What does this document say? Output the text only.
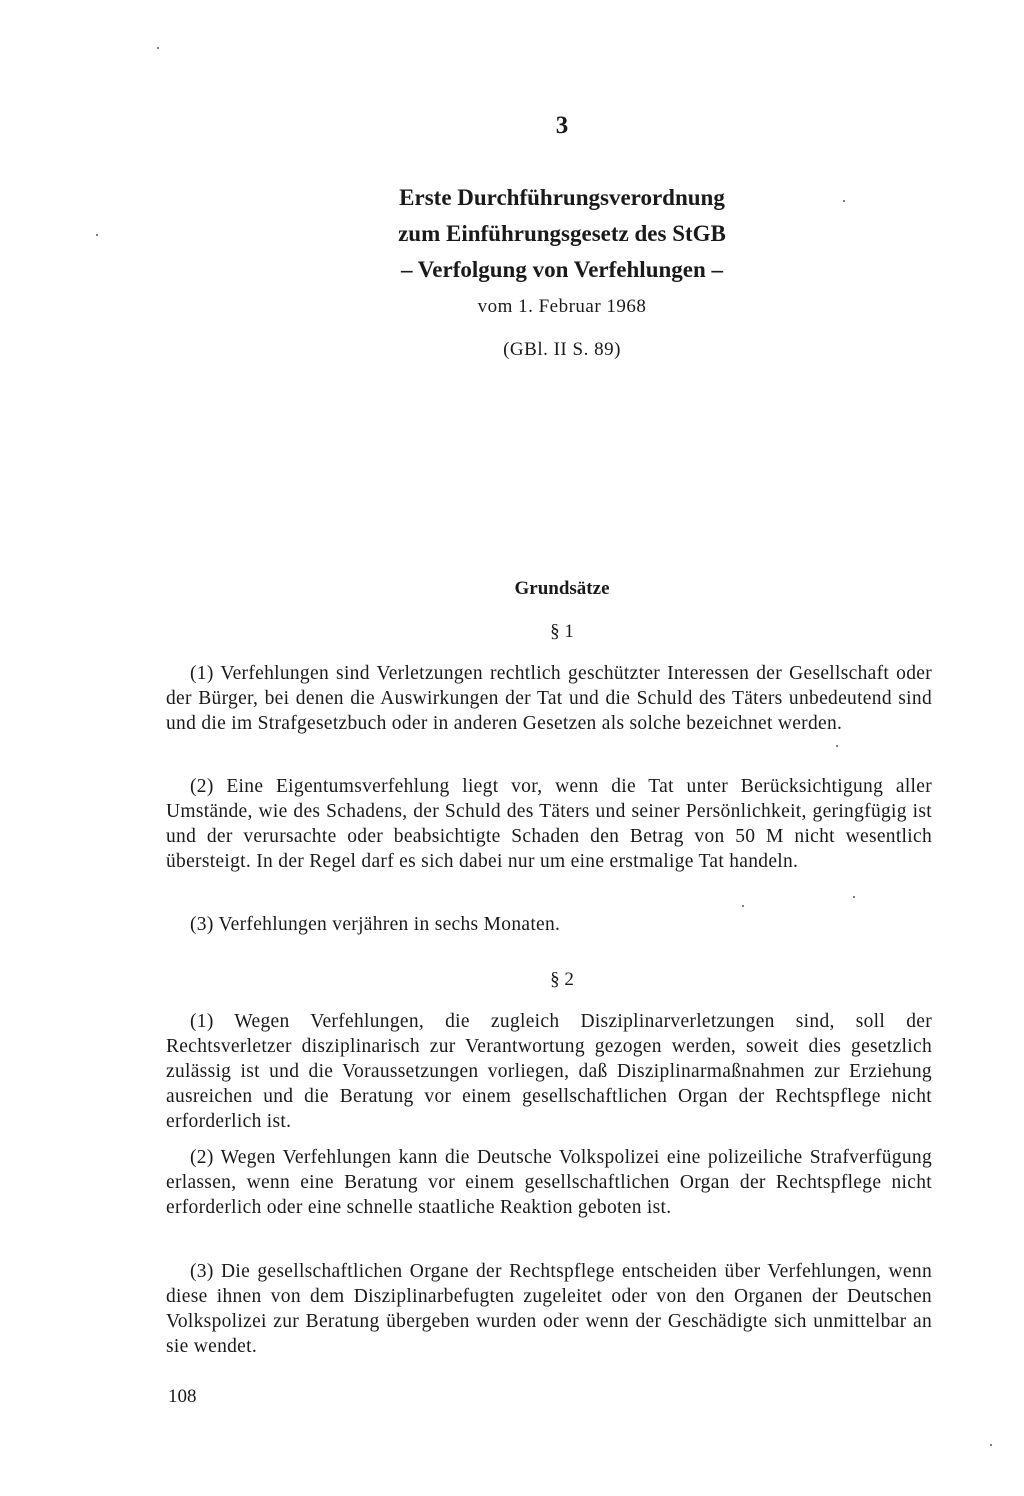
3
Erste Durchführungsverordnung
zum Einführungsgesetz des StGB
– Verfolgung von Verfehlungen –
vom 1. Februar 1968
(GBl. II S. 89)
Grundsätze
§ 1
(1) Verfehlungen sind Verletzungen rechtlich geschützter Interessen der Gesellschaft oder der Bürger, bei denen die Auswirkungen der Tat und die Schuld des Täters unbedeutend sind und die im Strafgesetzbuch oder in anderen Gesetzen als solche bezeichnet werden.
(2) Eine Eigentumsverfehlung liegt vor, wenn die Tat unter Berücksichtigung aller Umstände, wie des Schadens, der Schuld des Täters und seiner Persönlichkeit, geringfügig ist und der verursachte oder beabsichtigte Schaden den Betrag von 50 M nicht wesentlich übersteigt. In der Regel darf es sich dabei nur um eine erstmalige Tat handeln.
(3) Verfehlungen verjähren in sechs Monaten.
§ 2
(1) Wegen Verfehlungen, die zugleich Disziplinarverletzungen sind, soll der Rechtsverletzer disziplinarisch zur Verantwortung gezogen werden, soweit dies gesetzlich zulässig ist und die Voraussetzungen vorliegen, daß Disziplinarmaßnahmen zur Erziehung ausreichen und die Beratung vor einem gesellschaftlichen Organ der Rechtspflege nicht erforderlich ist.
(2) Wegen Verfehlungen kann die Deutsche Volkspolizei eine polizeiliche Strafverfügung erlassen, wenn eine Beratung vor einem gesellschaftlichen Organ der Rechtspflege nicht erforderlich oder eine schnelle staatliche Reaktion geboten ist.
(3) Die gesellschaftlichen Organe der Rechtspflege entscheiden über Verfehlungen, wenn diese ihnen von dem Disziplinarbefugten zugeleitet oder von den Organen der Deutschen Volkspolizei zur Beratung übergeben wurden oder wenn der Geschädigte sich unmittelbar an sie wendet.
108
